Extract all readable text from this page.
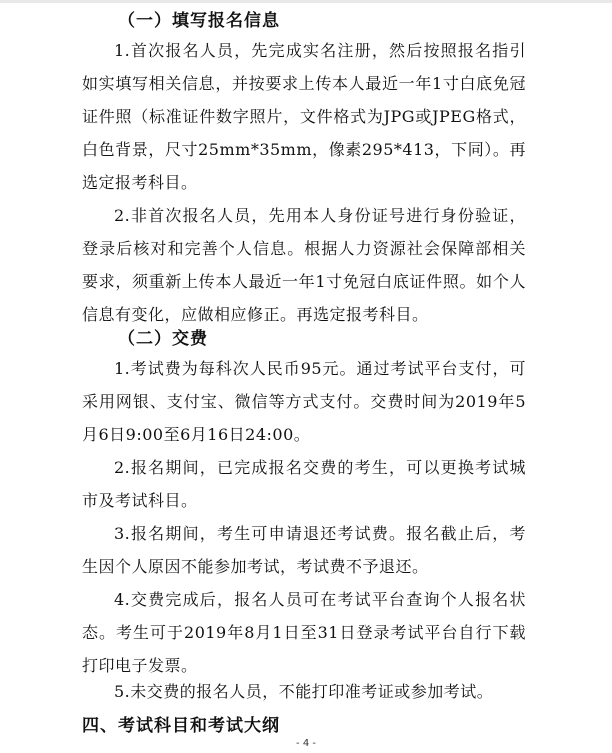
（一）填写报名信息

1.首次报名人员，先完成实名注册，然后按照报名指引如实填写相关信息，并按要求上传本人最近一年1寸白底免冠证件照（标准证件数字照片，文件格式为JPG或JPEG格式，白色背景，尺寸25mm*35mm，像素295*413，下同）。再选定报考科目。

2.非首次报名人员，先用本人身份证号进行身份验证，登录后核对和完善个人信息。根据人力资源社会保障部相关要求，须重新上传本人最近一年1寸免冠白底证件照。如个人信息有变化，应做相应修正。再选定报考科目。

（二）交费

1.考试费为每科次人民币95元。通过考试平台支付，可采用网银、支付宝、微信等方式支付。交费时间为2019年5月6日9:00至6月16日24:00。

2.报名期间，已完成报名交费的考生，可以更换考试城市及考试科目。

3.报名期间，考生可申请退还考试费。报名截止后，考生因个人原因不能参加考试，考试费不予退还。

4.交费完成后，报名人员可在考试平台查询个人报名状态。考生可于2019年8月1日至31日登录考试平台自行下载打印电子发票。

5.未交费的报名人员，不能打印准考证或参加考试。

四、考试科目和考试大纲
- 4 -
